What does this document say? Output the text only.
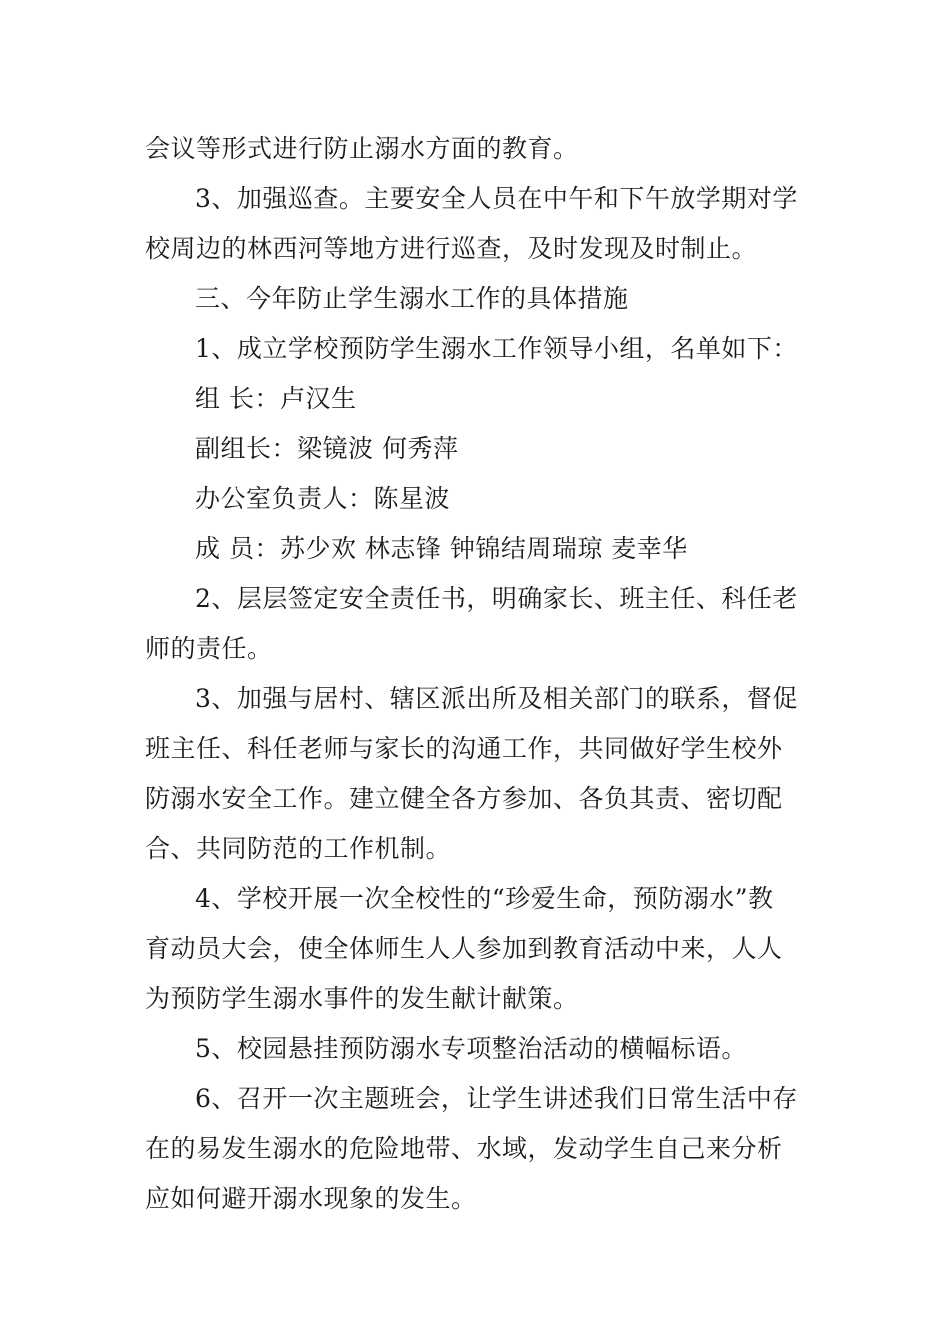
会议等形式进行防止溺水方面的教育。
3、加强巡查。主要安全人员在中午和下午放学期对学
校周边的林西河等地方进行巡查，及时发现及时制止。
三、今年防止学生溺水工作的具体措施
1、成立学校预防学生溺水工作领导小组，名单如下：
组 长：卢汉生
副组长：梁镜波 何秀萍
办公室负责人：陈星波
成 员：苏少欢 林志锋 钟锦结周瑞琼 麦幸华
2、层层签定安全责任书，明确家长、班主任、科任老
师的责任。
3、加强与居村、辖区派出所及相关部门的联系，督促
班主任、科任老师与家长的沟通工作，共同做好学生校外
防溺水安全工作。建立健全各方参加、各负其责、密切配
合、共同防范的工作机制。
4、学校开展一次全校性的“珍爱生命，预防溺水”教
育动员大会，使全体师生人人参加到教育活动中来，人人
为预防学生溺水事件的发生献计献策。
5、校园悬挂预防溺水专项整治活动的横幅标语。
6、召开一次主题班会，让学生讲述我们日常生活中存
在的易发生溺水的危险地带、水域，发动学生自己来分析
应如何避开溺水现象的发生。
